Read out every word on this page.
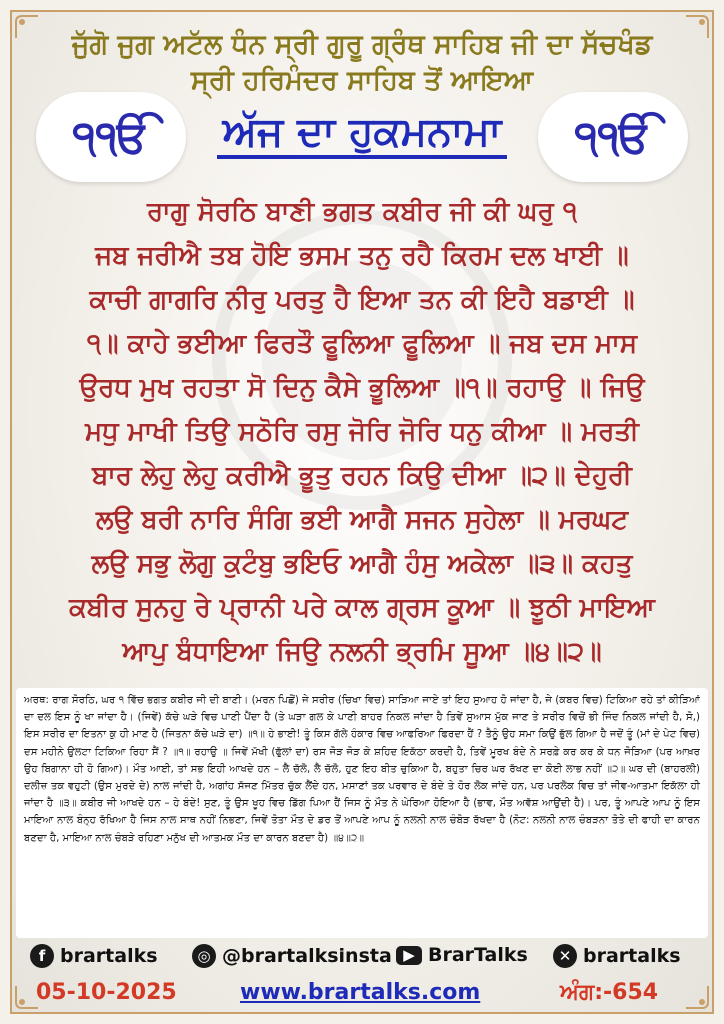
ਜੁੱਗੋ ਜੁਗ ਅਟੱਲ ਧੰਨ ਸ੍ਰੀ ਗੁਰੂ ਗ੍ਰੰਥ ਸਾਹਿਬ ਜੀ ਦਾ ਸੱਚਖੰਡ
ਸ੍ਰੀ ਹਰਿਮੰਦਰ ਸਾਹਿਬ ਤੋਂ ਆਇਆ
੧ੴ	੧ੴ
ਅੱਜ ਦਾ ਹੁਕਮਨਾਮਾ
ਰਾਗੁ ਸੋਰਠਿ ਬਾਣੀ ਭਗਤ ਕਬੀਰ ਜੀ ਕੀ ਘਰੁ ੧
ਜਬ ਜਰੀਐ ਤਬ ਹੋਇ ਭਸਮ ਤਨੁ ਰਹੈ ਕਿਰਮ ਦਲ ਖਾਈ ॥
ਕਾਚੀ ਗਾਗਰਿ ਨੀਰੁ ਪਰਤੁ ਹੈ ਇਆ ਤਨ ਕੀ ਇਹੈ ਬਡਾਈ ॥
੧॥ ਕਾਹੇ ਭਈਆ ਫਿਰਤੌ ਫੂਲਿਆ ਫੂਲਿਆ ॥ ਜਬ ਦਸ ਮਾਸ
ਉਰਧ ਮੁਖ ਰਹਤਾ ਸੋ ਦਿਨੁ ਕੈਸੇ ਭੂਲਿਆ ॥੧॥ ਰਹਾਉ ॥ ਜਿਉ
ਮਧੁ ਮਾਖੀ ਤਿਉ ਸਠੋਰਿ ਰਸੁ ਜੋਰਿ ਜੋਰਿ ਧਨੁ ਕੀਆ ॥ ਮਰਤੀ
ਬਾਰ ਲੇਹੁ ਲੇਹੁ ਕਰੀਐ ਭੂਤੁ ਰਹਨ ਕਿਉ ਦੀਆ ॥੨॥ ਦੇਹੁਰੀ
ਲਉ ਬਰੀ ਨਾਰਿ ਸੰਗਿ ਭਈ ਆਗੈ ਸਜਨ ਸੁਹੇਲਾ ॥ ਮਰਘਟ
ਲਉ ਸਭੁ ਲੋਗੁ ਕੁਟੰਬੁ ਭਇਓ ਆਗੈ ਹੰਸੁ ਅਕੇਲਾ ॥੩॥ ਕਹਤੁ
ਕਬੀਰ ਸੁਨਹੁ ਰੇ ਪ੍ਰਾਨੀ ਪਰੇ ਕਾਲ ਗ੍ਰਸ ਕੂਆ ॥ ਝੂਠੀ ਮਾਇਆ
ਆਪੁ ਬੰਧਾਇਆ ਜਿਉ ਨਲਨੀ ਭ੍ਰਮਿ ਸੂਆ ॥੪॥੨॥

ਅਰਥ: ਰਾਗ ਸੋਰਠਿ, ਘਰ ੧ ਵਿੱਚ ਭਗਤ ਕਬੀਰ ਜੀ ਦੀ ਬਾਣੀ। (ਮਰਨ ਪਿਛੋਂ) ਜੇ ਸਰੀਰ (ਚਿਖਾ ਵਿਚ) ਸਾੜਿਆ ਜਾਏ ਤਾਂ ਇਹ ਸੁਆਹ ਹੋ ਜਾਂਦਾ ਹੈ, ਜੇ (ਕਬਰ ਵਿਚ) ਟਿਕਿਆ ਰਹੇ ਤਾਂ ਕੀੜਿਆਂ ਦਾ ਦਲ ਇਸ ਨੂੰ ਖਾ ਜਾਂਦਾ ਹੈ। (ਜਿਵੇਂ) ਕੱਚੇ ਘੜੇ ਵਿਚ ਪਾਣੀ ਪੈਂਦਾ ਹੈ (ਤੇ ਘੜਾ ਗਲ ਕੇ ਪਾਣੀ ਬਾਹਰ ਨਿਕਲ ਜਾਂਦਾ ਹੈ ਤਿਵੇਂ ਸੁਆਸ ਮੁੱਕ ਜਾਣ ਤੇ ਸਰੀਰ ਵਿਚੋਂ ਭੀ ਜਿੰਦ ਨਿਕਲ ਜਾਂਦੀ ਹੈ, ਸੋ,) ਇਸ ਸਰੀਰ ਦਾ ਇਤਨਾ ਕੁ ਹੀ ਮਾਣ ਹੈ (ਜਿਤਨਾ ਕੱਚੇ ਘੜੇ ਦਾ) ॥੧॥ ਹੇ ਭਾਈ! ਤੂੰ ਕਿਸ ਗੱਲੇ ਹੰਕਾਰ ਵਿਚ ਆਫਰਿਆ ਫਿਰਦਾ ਹੈਂ ? ਤੈਨੂੰ ਉਹ ਸਮਾ ਕਿਉਂ ਭੁੱਲ ਗਿਆ ਹੈ ਜਦੋਂ ਤੂੰ (ਮਾਂ ਦੇ ਪੇਟ ਵਿਚ) ਦਸ ਮਹੀਨੇ ਉਲਟਾ ਟਿਕਿਆ ਰਿਹਾ ਸੈਂ ? ॥੧॥ ਰਹਾਉ ॥ ਜਿਵੇਂ ਮੱਖੀ (ਫੁੱਲਾਂ ਦਾ) ਰਸ ਜੋੜ ਜੋੜ ਕੇ ਸ਼ਹਿਦ ਇਕੱਠਾ ਕਰਦੀ ਹੈ, ਤਿਵੇਂ ਮੂਰਖ ਬੰਦੇ ਨੇ ਸਰਫ਼ੇ ਕਰ ਕਰ ਕੇ ਧਨ ਜੋੜਿਆ (ਪਰ ਆਖ਼ਰ ਉਹ ਬਿਗਾਨਾ ਹੀ ਹੋ ਗਿਆ)। ਮੌਤ ਆਈ, ਤਾਂ ਸਭ ਇਹੀ ਆਖਦੇ ਹਨ – ਲੈ ਚੱਲੋ, ਲੈ ਚੱਲੋ, ਹੁਣ ਇਹ ਬੀਤ ਚੁਕਿਆ ਹੈ, ਬਹੁਤਾ ਚਿਰ ਘਰ ਰੱਖਣ ਦਾ ਕੋਈ ਲਾਭ ਨਹੀਂ ॥੨॥ ਘਰ ਦੀ (ਬਾਹਰਲੀ) ਦਲੀਜ਼ ਤਕ ਵਹੁਟੀ (ਉਸ ਮੁਰਦੇ ਦੇ) ਨਾਲ ਜਾਂਦੀ ਹੈ, ਅਗਾਂਹ ਸੱਜਣ ਮਿੱਤਰ ਚੁੱਕ ਲੈਂਦੇ ਹਨ, ਮਸਾਣਾਂ ਤਕ ਪਰਵਾਰ ਦੇ ਬੰਦੇ ਤੇ ਹੋਰ ਲੋਕ ਜਾਂਦੇ ਹਨ, ਪਰ ਪਰਲੋਕ ਵਿਚ ਤਾਂ ਜੀਵ-ਆਤਮਾ ਇਕੱਲਾ ਹੀ ਜਾਂਦਾ ਹੈ ॥੩॥ ਕਬੀਰ ਜੀ ਆਖਦੇ ਹਨ – ਹੇ ਬੰਦੇ! ਸੁਣ, ਤੂੰ ਉਸ ਖੂਹ ਵਿਚ ਡਿੱਗ ਪਿਆ ਹੈਂ ਜਿਸ ਨੂੰ ਮੌਤ ਨੇ ਘੇਰਿਆ ਹੋਇਆ ਹੈ (ਭਾਵ, ਮੌਤ ਅਵੱਸ਼ ਆਉਂਦੀ ਹੈ)। ਪਰ, ਤੂੰ ਆਪਣੇ ਆਪ ਨੂੰ ਇਸ ਮਾਇਆ ਨਾਲ ਬੰਨ੍ਹ ਰੱਖਿਆ ਹੈ ਜਿਸ ਨਾਲ ਸਾਥ ਨਹੀਂ ਨਿਭਣਾ, ਜਿਵੇਂ ਤੋਤਾ ਮੌਤ ਦੇ ਡਰ ਤੋਂ ਆਪਣੇ ਆਪ ਨੂੰ ਨਲਨੀ ਨਾਲ ਚੰਬੋੜ ਰੱਖਦਾ ਹੈ (ਨੋਟ: ਨਲਨੀ ਨਾਲ ਚੰਬੜਨਾ ਤੋਤੇ ਦੀ ਫਾਹੀ ਦਾ ਕਾਰਨ ਬਣਦਾ ਹੈ, ਮਾਇਆ ਨਾਲ ਚੰਬੜੇ ਰਹਿਣਾ ਮਨੁੱਖ ਦੀ ਆਤਮਕ ਮੌਤ ਦਾ ਕਾਰਨ ਬਣਦਾ ਹੈ) ॥੪॥੨॥

f brartalks	◎ @brartalksinsta ▶ BrarTalks	✕ brartalks
05-10-2025	www.brartalks.com	ਅੰਗ:-654
